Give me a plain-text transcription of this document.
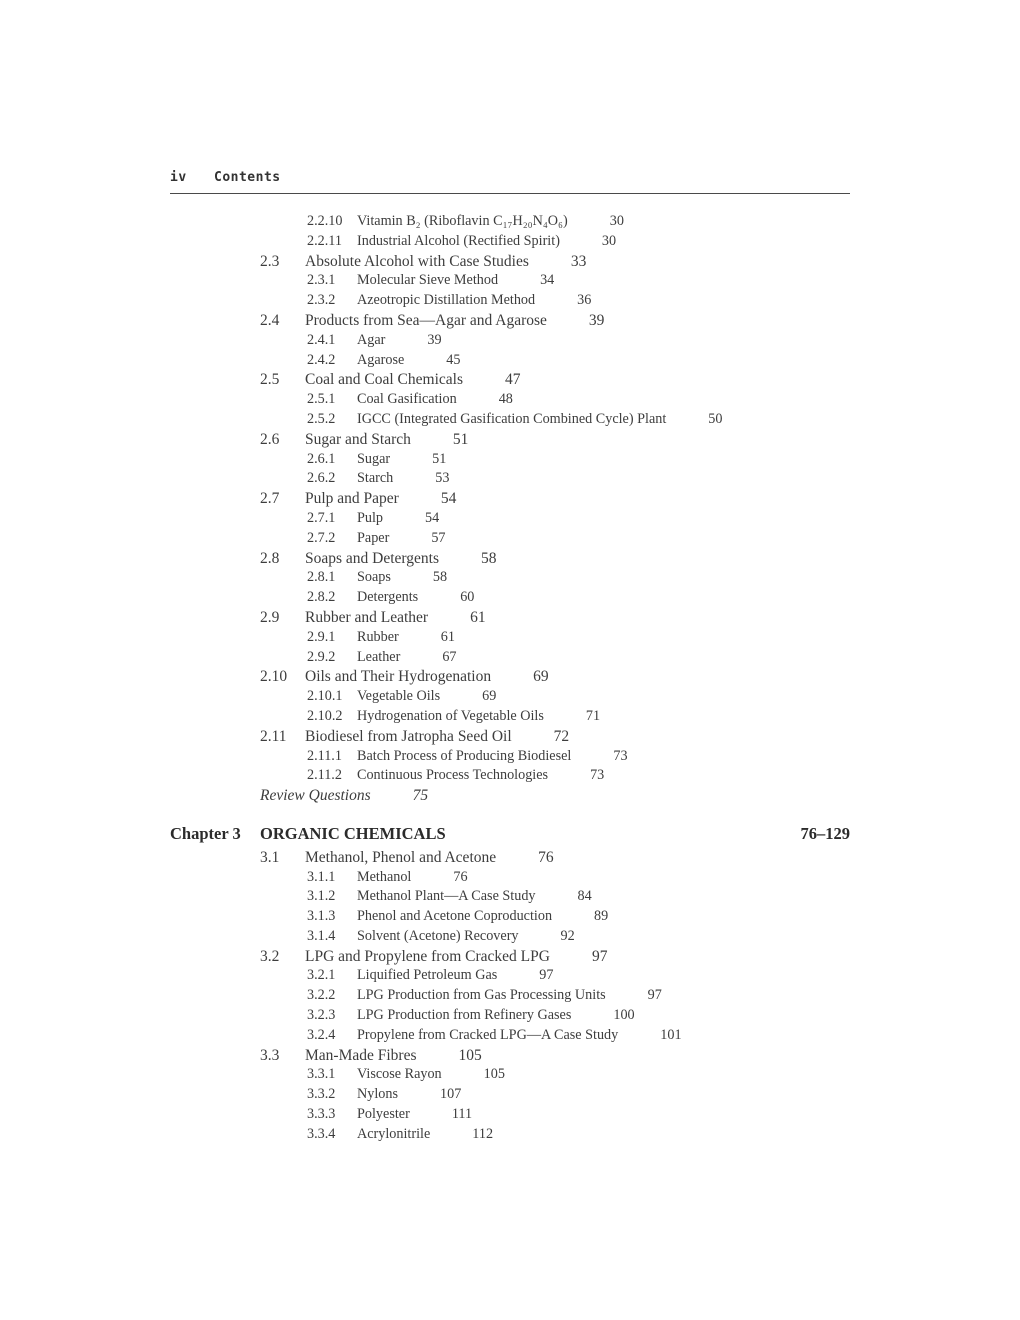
iv Contents
2.2.10	Vitamin B₂ (Riboflavin C₁₇H₂₀N₄O₆)	30
2.2.11	Industrial Alcohol (Rectified Spirit)	30
2.3	Absolute Alcohol with Case Studies	33
2.3.1	Molecular Sieve Method	34
2.3.2	Azeotropic Distillation Method	36
2.4	Products from Sea—Agar and Agarose	39
2.4.1	Agar	39
2.4.2	Agarose	45
2.5	Coal and Coal Chemicals	47
2.5.1	Coal Gasification	48
2.5.2	IGCC (Integrated Gasification Combined Cycle) Plant	50
2.6	Sugar and Starch	51
2.6.1	Sugar	51
2.6.2	Starch	53
2.7	Pulp and Paper	54
2.7.1	Pulp	54
2.7.2	Paper	57
2.8	Soaps and Detergents	58
2.8.1	Soaps	58
2.8.2	Detergents	60
2.9	Rubber and Leather	61
2.9.1	Rubber	61
2.9.2	Leather	67
2.10	Oils and Their Hydrogenation	69
2.10.1	Vegetable Oils	69
2.10.2	Hydrogenation of Vegetable Oils	71
2.11	Biodiesel from Jatropha Seed Oil	72
2.11.1	Batch Process of Producing Biodiesel	73
2.11.2	Continuous Process Technologies	73
Review Questions	75
Chapter 3	ORGANIC CHEMICALS	76–129
3.1	Methanol, Phenol and Acetone	76
3.1.1	Methanol	76
3.1.2	Methanol Plant—A Case Study	84
3.1.3	Phenol and Acetone Coproduction	89
3.1.4	Solvent (Acetone) Recovery	92
3.2	LPG and Propylene from Cracked LPG	97
3.2.1	Liquified Petroleum Gas	97
3.2.2	LPG Production from Gas Processing Units	97
3.2.3	LPG Production from Refinery Gases	100
3.2.4	Propylene from Cracked LPG—A Case Study	101
3.3	Man-Made Fibres	105
3.3.1	Viscose Rayon	105
3.3.2	Nylons	107
3.3.3	Polyester	111
3.3.4	Acrylonitrile	112
